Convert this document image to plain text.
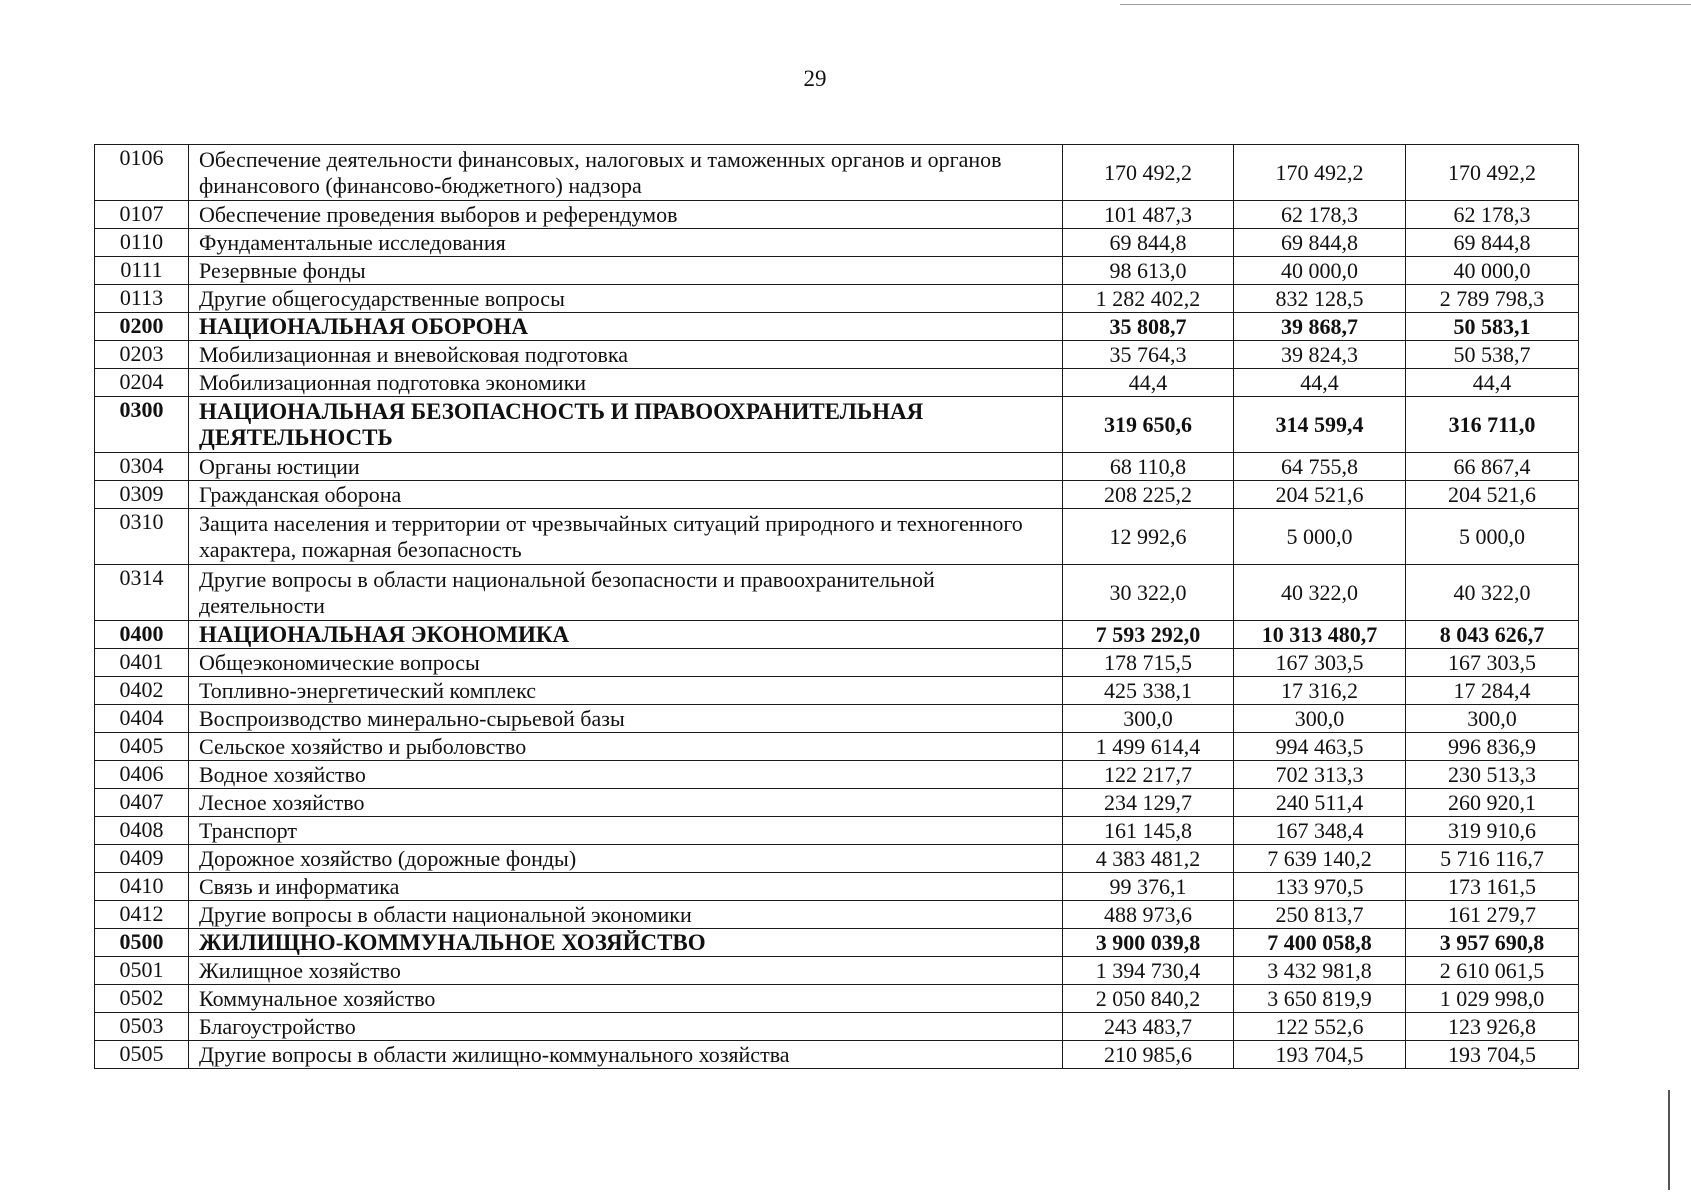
29
0106	Обеспечение деятельности финансовых, налоговых и таможенных органов и органов финансового (финансово-бюджетного) надзора	170 492,2	170 492,2	170 492,2
0107	Обеспечение проведения выборов и референдумов	101 487,3	62 178,3	62 178,3
0110	Фундаментальные исследования	69 844,8	69 844,8	69 844,8
0111	Резервные фонды	98 613,0	40 000,0	40 000,0
0113	Другие общегосударственные вопросы	1 282 402,2	832 128,5	2 789 798,3
0200	НАЦИОНАЛЬНАЯ ОБОРОНА	35 808,7	39 868,7	50 583,1
0203	Мобилизационная и вневойсковая подготовка	35 764,3	39 824,3	50 538,7
0204	Мобилизационная подготовка экономики	44,4	44,4	44,4
0300	НАЦИОНАЛЬНАЯ БЕЗОПАСНОСТЬ И ПРАВООХРАНИТЕЛЬНАЯ ДЕЯТЕЛЬНОСТЬ	319 650,6	314 599,4	316 711,0
0304	Органы юстиции	68 110,8	64 755,8	66 867,4
0309	Гражданская оборона	208 225,2	204 521,6	204 521,6
0310	Защита населения и территории от чрезвычайных ситуаций природного и техногенного характера, пожарная безопасность	12 992,6	5 000,0	5 000,0
0314	Другие вопросы в области национальной безопасности и правоохранительной деятельности	30 322,0	40 322,0	40 322,0
0400	НАЦИОНАЛЬНАЯ ЭКОНОМИКА	7 593 292,0	10 313 480,7	8 043 626,7
0401	Общеэкономические вопросы	178 715,5	167 303,5	167 303,5
0402	Топливно-энергетический комплекс	425 338,1	17 316,2	17 284,4
0404	Воспроизводство минерально-сырьевой базы	300,0	300,0	300,0
0405	Сельское хозяйство и рыболовство	1 499 614,4	994 463,5	996 836,9
0406	Водное хозяйство	122 217,7	702 313,3	230 513,3
0407	Лесное хозяйство	234 129,7	240 511,4	260 920,1
0408	Транспорт	161 145,8	167 348,4	319 910,6
0409	Дорожное хозяйство (дорожные фонды)	4 383 481,2	7 639 140,2	5 716 116,7
0410	Связь и информатика	99 376,1	133 970,5	173 161,5
0412	Другие вопросы в области национальной экономики	488 973,6	250 813,7	161 279,7
0500	ЖИЛИЩНО-КОММУНАЛЬНОЕ ХОЗЯЙСТВО	3 900 039,8	7 400 058,8	3 957 690,8
0501	Жилищное хозяйство	1 394 730,4	3 432 981,8	2 610 061,5
0502	Коммунальное хозяйство	2 050 840,2	3 650 819,9	1 029 998,0
0503	Благоустройство	243 483,7	122 552,6	123 926,8
0505	Другие вопросы в области жилищно-коммунального хозяйства	210 985,6	193 704,5	193 704,5
